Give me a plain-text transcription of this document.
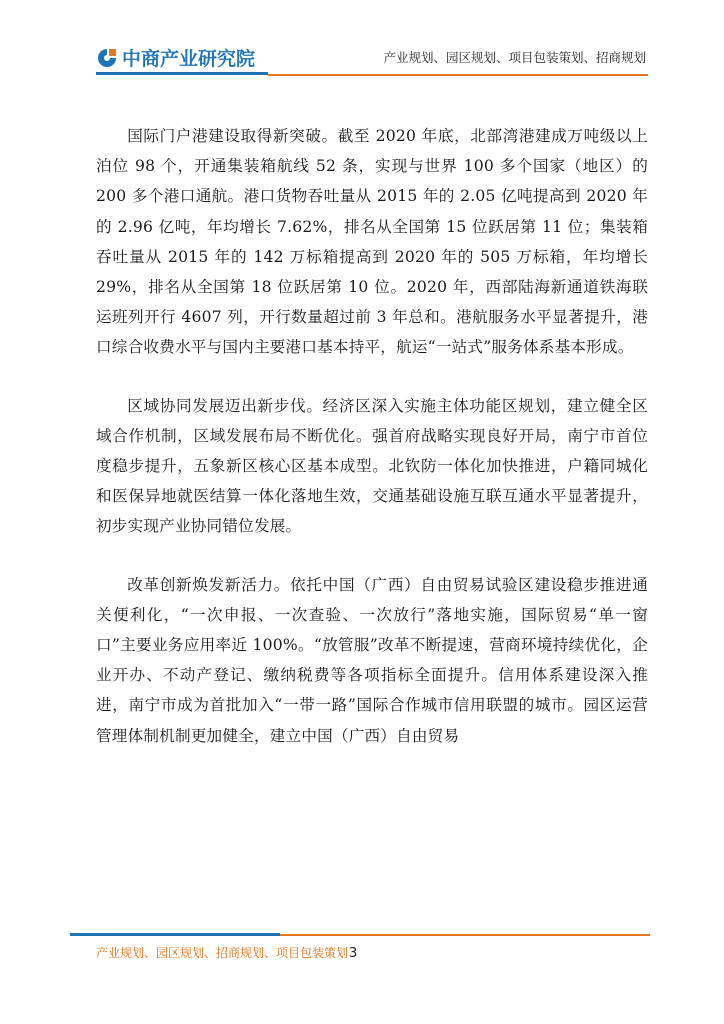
中商产业研究院	产业规划、园区规划、项目包装策划、招商规划

国际门户港建设取得新突破。截至 2020 年底，北部湾港建成万吨级以上泊位 98 个，开通集装箱航线 52 条，实现与世界 100 多个国家（地区）的 200 多个港口通航。港口货物吞吐量从 2015 年的 2.05 亿吨提高到 2020 年的 2.96 亿吨，年均增长 7.62%，排名从全国第 15 位跃居第 11 位；集装箱吞吐量从 2015 年的 142 万标箱提高到 2020 年的 505 万标箱，年均增长 29%，排名从全国第 18 位跃居第 10 位。2020 年，西部陆海新通道铁海联运班列开行 4607 列，开行数量超过前 3 年总和。港航服务水平显著提升，港口综合收费水平与国内主要港口基本持平，航运“一站式”服务体系基本形成。

区域协同发展迈出新步伐。经济区深入实施主体功能区规划，建立健全区域合作机制，区域发展布局不断优化。强首府战略实现良好开局，南宁市首位度稳步提升，五象新区核心区基本成型。北钦防一体化加快推进，户籍同城化和医保异地就医结算一体化落地生效，交通基础设施互联互通水平显著提升，初步实现产业协同错位发展。

改革创新焕发新活力。依托中国（广西）自由贸易试验区建设稳步推进通关便利化，“一次申报、一次查验、一次放行”落地实施，国际贸易“单一窗口”主要业务应用率近 100%。“放管服”改革不断提速，营商环境持续优化，企业开办、不动产登记、缴纳税费等各项指标全面提升。信用体系建设深入推进，南宁市成为首批加入“一带一路”国际合作城市信用联盟的城市。园区运营管理体制机制更加健全，建立中国（广西）自由贸易

产业规划、园区规划、招商规划、项目包装策划3
